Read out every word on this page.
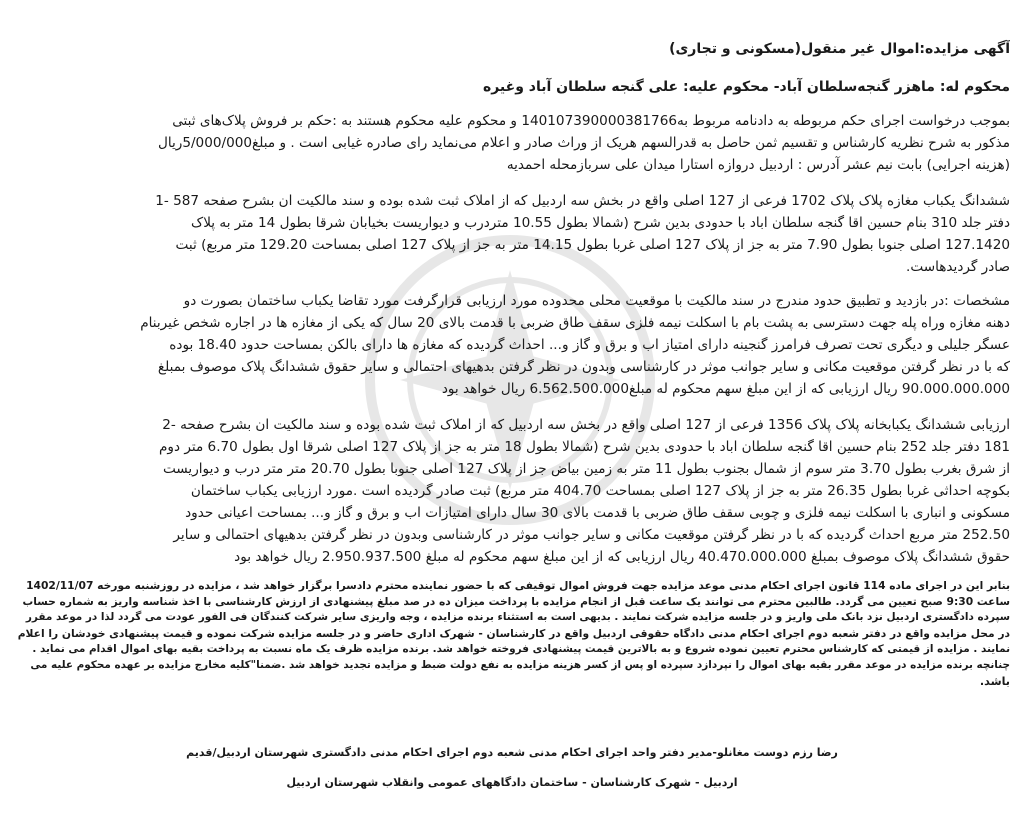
آگهی مزایده:اموال غیر منقول(مسکونی و تجاری)
محکوم له: ماهزر گنجه‌سلطان آباد- محکوم علیه: علی گنجه سلطان آباد وغیره
بموجب درخواست اجرای حکم مربوطه به دادنامه مربوط به140107390000381766 و محکوم علیه محکوم هستند به :حکم بر فروش پلاک‌های ثبتی
مذکور به شرح نظریه کارشناس و تقسیم ثمن حاصل به قدرالسهم هریک از وراث صادر و اعلام می‌نماید رای صادره غیابی است . و مبلغ5/000/000ریال
(هزینه اجرایی) بابت نیم عشر آدرس : اردبیل دروازه استارا میدان علی سربازمحله احمدیه
ششدانگ یکباب مغازه پلاک پلاک 1702 فرعی از 127 اصلی واقع در بخش سه اردبیل که از املاک ثبت شده بوده و سند مالکیت ان بشرح صفحه 587 -1
دفتر جلد 310 بنام حسین اقا گنجه سلطان اباد با حدودی بدین شرح (شمالا بطول 10.55 متردرب و دیواریست بخیابان شرقا بطول 14 متر به پلاک
127.1420 اصلی جنوبا بطول 7.90 متر به جز از پلاک 127 اصلی غربا بطول 14.15 متر به جز از پلاک 127 اصلی بمساحت 129.20 متر مربع) ثبت
صادر گردیدهاست.
مشخصات :در بازدید و تطبیق حدود مندرج در سند مالکیت با موقعیت محلی محدوده مورد ارزیابی قرارگرفت مورد تقاضا یکباب ساختمان بصورت دو
دهنه مغازه وراه پله جهت دسترسی به پشت بام با اسکلت نیمه فلزی سقف طاق ضربی با قدمت بالای 20 سال که یکی از مغازه ها در اجاره شخص غیربنام
عسگر جلیلی و دیگری تحت تصرف فرامرز گنجینه دارای امتیاز اب و برق و گاز و... احداث گردیده که مغازه ها دارای بالکن بمساحت حدود 18.40 بوده
که با در نظر گرفتن موقعیت مکانی و سایر جوانب موثر در کارشناسی وبدون در نظر گرفتن بدهیهای احتمالی و سایر حقوق ششدانگ پلاک موصوف بمبلغ
90.000.000.000 ریال ارزیابی که از این مبلغ سهم محکوم له مبلغ6.562.500.000 ریال خواهد بود
ارزیابی ششدانگ یکبابخانه پلاک پلاک 1356 فرعی از 127 اصلی واقع در بخش سه اردبیل که از املاک ثبت شده بوده و سند مالکیت ان بشرح صفحه -2
181 دفتر جلد 252 بنام حسین اقا گنجه سلطان اباد با حدودی بدین شرح (شمالا بطول 18 متر به جز از پلاک 127 اصلی شرقا اول بطول 6.70 متر دوم
از شرق بغرب بطول 3.70 متر سوم از شمال بجنوب بطول 11 متر به زمین بیاض جز از پلاک 127 اصلی جنوبا بطول 20.70 متر متر درب و دیواریست
بکوچه احداثی غربا بطول 26.35 متر به جز از پلاک 127 اصلی بمساحت 404.70 متر مربع) ثبت صادر گردیده است .مورد ارزیابی یکباب ساختمان
مسکونی و انباری با اسکلت نیمه فلزی و چوبی سقف طاق ضربی با قدمت بالای 30 سال دارای امتیازات اب و برق و گاز و... بمساحت اعیانی حدود
252.50 متر مربع احداث گردیده که با در نظر گرفتن موقعیت مکانی و سایر جوانب موثر در کارشناسی وبدون در نظر گرفتن بدهیهای احتمالی و سایر
حقوق ششدانگ پلاک موصوف بمبلغ 40.470.000.000 ریال ارزیابی که از این مبلغ سهم محکوم له مبلغ 2.950.937.500 ریال خواهد بود
بنابر این در اجرای ماده 114 قانون اجرای احکام مدنی موعد مزایده جهت فروش اموال توقیفی که با حضور نماینده محترم دادسرا برگزار خواهد شد ، مزایده در روزشنبه مورخه 1402/11/07
ساعت 9:30 صبح تعیین می گردد. طالبین محترم می توانند یک ساعت قبل از انجام مزایده با پرداخت میزان ده در صد مبلغ پیشنهادی از ارزش کارشناسی با اخذ شناسه واریز به شماره حساب
سپرده دادگستری اردبیل نزد بانک ملی واریز و در جلسه مزایده شرکت نمایند . بدیهی است به استثناء برنده مزایده ، وجه واریزی سایر شرکت کنندگان فی الفور عودت می گردد لذا در موعد مقرر
در محل مزایده واقع در دفتر شعبه دوم اجرای احکام مدنی دادگاه حقوقی اردبیل واقع در کارشناسان - شهرک اداری حاضر و در جلسه مزایده شرکت نموده و قیمت پیشنهادی خودشان را اعلام
نمایند . مزایده از قیمتی که کارشناس محترم تعیین نموده شروع و به بالاترین قیمت پیشنهادی فروخته خواهد شد. برنده مزایده ظرف یک ماه نسبت به پرداخت بقیه بهای اموال اقدام می نماید .
چنانچه برنده مزایده در موعد مقرر بقیه بهای اموال را نپردازد سپرده او پس از کسر هزینه مزایده به نفع دولت ضبط و مزایده تجدید خواهد شد .ضمنا"کلیه مخارج مزایده بر عهده محکوم علیه می
باشد.
رضا رزم دوست مغانلو-مدیر دفتر واحد اجرای احکام مدنی شعبه دوم اجرای احکام مدنی دادگستری شهرستان اردبیل/قدیم
اردبیل - شهرک کارشناسان - ساختمان دادگاههای عمومی وانقلاب شهرستان اردبیل
